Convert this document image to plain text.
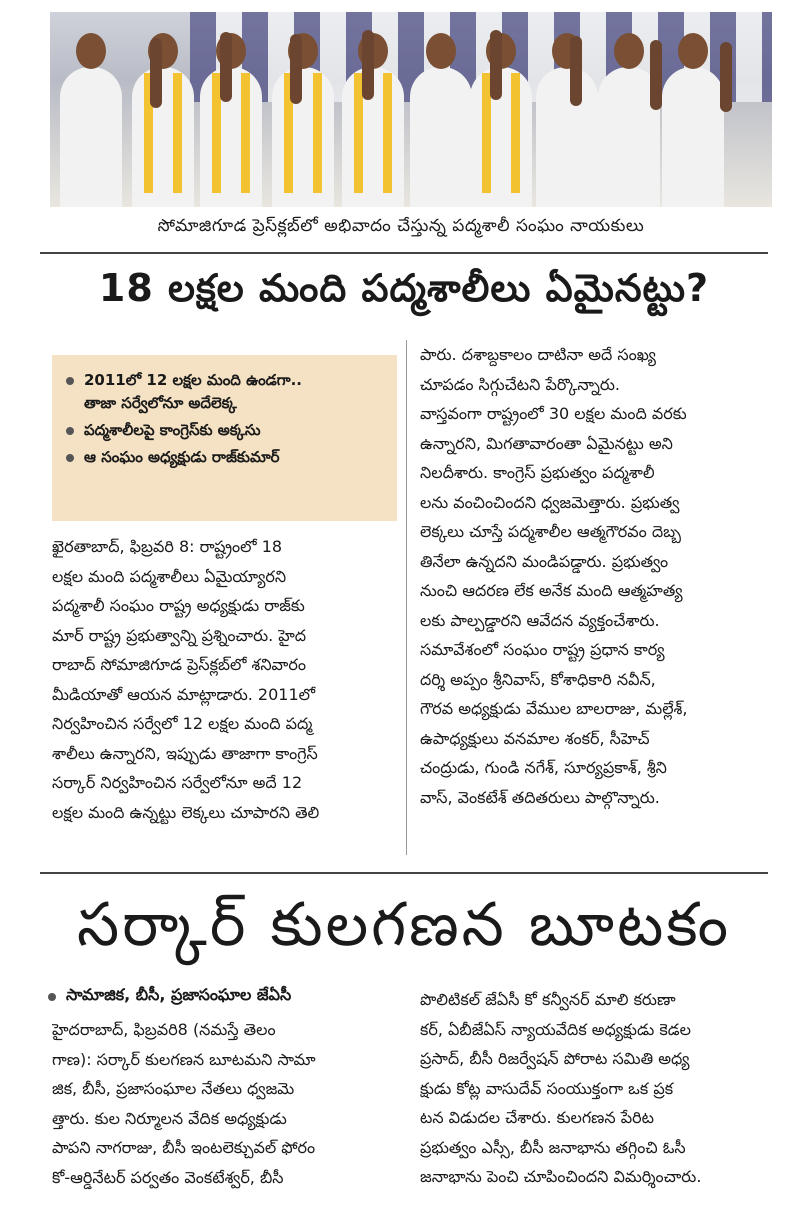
సోమాజిగూడ ప్రెస్‌క్లబ్‌లో అభివాదం చేస్తున్న పద్మశాలీ సంఘం నాయకులు
18 లక్షల మంది పద్మశాలీలు ఏమైనట్టు?
2011లో 12 లక్షల మంది ఉండగా..
తాజా సర్వేలోనూ అదేలెక్క
పద్మశాలీలపై కాంగ్రెస్‌కు అక్కసు
ఆ సంఘం అధ్యక్షుడు రాజ్‌కుమార్
ఖైరతాబాద్, ఫిబ్రవరి 8: రాష్ట్రంలో 18
లక్షల మంది పద్మశాలీలు ఏమైయ్యారని
పద్మశాలీ సంఘం రాష్ట్ర అధ్యక్షుడు రాజ్‌కు
మార్ రాష్ట్ర ప్రభుత్వాన్ని ప్రశ్నించారు. హైద
రాబాద్ సోమాజిగూడ ప్రెస్‌క్లబ్‌లో శనివారం
మీడియాతో ఆయన మాట్లాడారు. 2011లో
నిర్వహించిన సర్వేలో 12 లక్షల మంది పద్మ
శాలీలు ఉన్నారని, ఇప్పుడు తాజాగా కాంగ్రెస్
సర్కార్ నిర్వహించిన సర్వేలోనూ అదే 12
లక్షల మంది ఉన్నట్టు లెక్కలు చూపారని తెలి
పారు. దశాబ్దకాలం దాటినా అదే సంఖ్య
చూపడం సిగ్గుచేటని పేర్కొన్నారు.
వాస్తవంగా రాష్ట్రంలో 30 లక్షల మంది వరకు
ఉన్నారని, మిగతావారంతా ఏమైనట్టు అని
నిలదీశారు. కాంగ్రెస్ ప్రభుత్వం పద్మశాలీ
లను వంచించిందని ధ్వజమెత్తారు. ప్రభుత్వ
లెక్కలు చూస్తే పద్మశాలీల ఆత్మగౌరవం దెబ్బ
తినేలా ఉన్నదని మండిపడ్డారు. ప్రభుత్వం
నుంచి ఆదరణ లేక అనేక మంది ఆత్మహత్య
లకు పాల్పడ్డారని ఆవేదన వ్యక్తంచేశారు.
సమావేశంలో సంఘం రాష్ట్ర ప్రధాన కార్య
దర్శి అప్పం శ్రీనివాస్, కోశాధికారి నవీన్,
గౌరవ అధ్యక్షుడు వేముల బాలరాజు, మల్లేశ్,
ఉపాధ్యక్షులు వనమాల శంకర్, సీహెచ్
చంద్రుడు, గుండి నగేశ్, సూర్యప్రకాశ్, శ్రీని
వాస్, వెంకటేశ్ తదితరులు పాల్గొన్నారు.
సర్కార్ కులగణన బూటకం
సామాజిక, బీసీ, ప్రజాసంఘాల జేఏసీ
హైదరాబాద్, ఫిబ్రవరి8 (నమస్తే తెలం
గాణ): సర్కార్ కులగణన బూటమని సామా
జిక, బీసీ, ప్రజాసంఘాల నేతలు ధ్వజమె
త్తారు. కుల నిర్మూలన వేదిక అధ్యక్షుడు
పాపని నాగరాజు, బీసీ ఇంటలెక్చువల్ ఫోరం
కో-ఆర్డినేటర్ పర్వతం వెంకటేశ్వర్, బీసీ
పొలిటికల్ జేఏసీ కో కన్వీనర్ మాలి కరుణా
కర్, ఏబీజేఏస్ న్యాయవేదిక అధ్యక్షుడు కెడల
ప్రసాద్, బీసీ రిజర్వేషన్ పోరాట సమితి అధ్య
క్షుడు కోట్ల వాసుదేవ్ సంయుక్తంగా ఒక ప్రక
టన విడుదల చేశారు. కులగణన పేరిట
ప్రభుత్వం ఎస్సీ, బీసీ జనాభాను తగ్గించి ఓసీ
జనాభాను పెంచి చూపించిందని విమర్శించారు.
